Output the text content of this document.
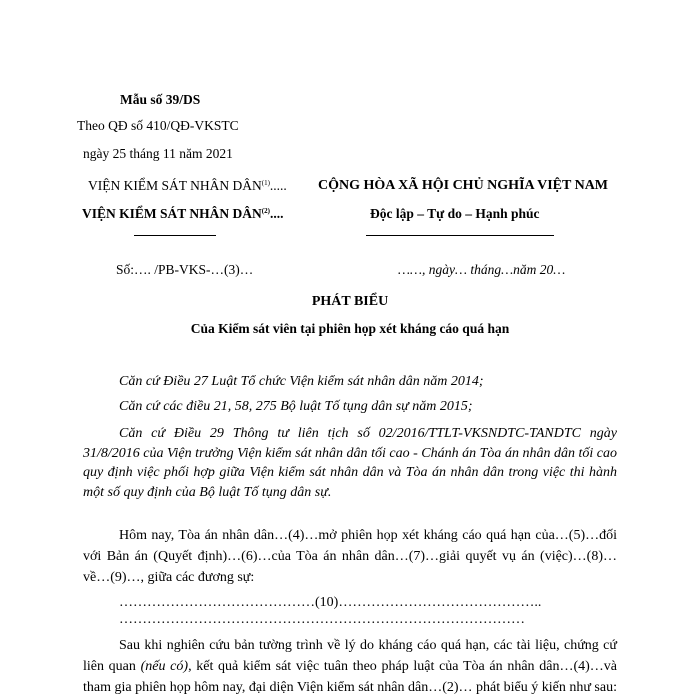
Mẫu số 39/DS
Theo QĐ số 410/QĐ-VKSTC
ngày 25 tháng 11 năm 2021
VIỆN KIỂM SÁT NHÂN DÂN$^{(1)}$.....
VIỆN KIỂM SÁT NHÂN DÂN$^{(2)}$....
Số:…. /PB-VKS-…(3)…
CỘNG HÒA XÃ HỘI CHỦ NGHĨA VIỆT NAM
Độc lập – Tự do – Hạnh phúc
……, ngày… tháng…năm 20…
PHÁT BIỂU
Của Kiểm sát viên tại phiên họp xét kháng cáo quá hạn
Căn cứ Điều 27 Luật Tổ chức Viện kiểm sát nhân dân năm 2014;
Căn cứ các điều 21, 58, 275 Bộ luật Tố tụng dân sự năm 2015;
Căn cứ Điều 29 Thông tư liên tịch số 02/2016/TTLT-VKSNDTC-TANDTC ngày 31/8/2016 của Viện trưởng Viện kiểm sát nhân dân tối cao - Chánh án Tòa án nhân dân tối cao quy định việc phối hợp giữa Viện kiểm sát nhân dân và Tòa án nhân dân trong việc thi hành một số quy định của Bộ luật Tố tụng dân sự.
Hôm nay, Tòa án nhân dân…(4)…mở phiên họp xét kháng cáo quá hạn của…(5)…đối với Bản án (Quyết định)…(6)…của Tòa án nhân dân…(7)…giải quyết vụ án (việc)…(8)…về…(9)…, giữa các đương sự:
……………………………………(10)……………………………………..
……………………………………………………………………………
Sau khi nghiên cứu bản tường trình về lý do kháng cáo quá hạn, các tài liệu, chứng cứ liên quan (nếu có), kết quả kiểm sát việc tuân theo pháp luật của Tòa án nhân dân…(4)…và tham gia phiên họp hôm nay, đại diện Viện kiểm sát nhân dân…(2)… phát biểu ý kiến như sau:
